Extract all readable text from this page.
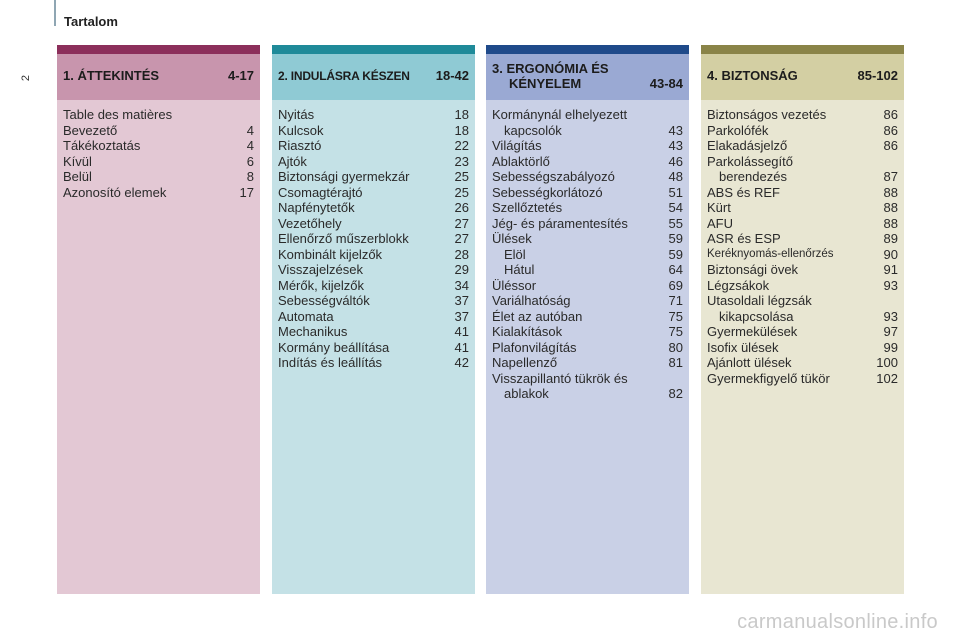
Tartalom
2 1. ÁTTEKINTÉS	4-17
Table des matières
Bevezető	4
Tákékoztatás	4
Kívül	6
Belül	8
Azonosító elemek	17
2. INDULÁSRA KÉSZEN 18-42
Nyitás	18
Kulcsok	18
Riasztó	22
Ajtók	23
Biztonsági gyermekzár	25
Csomagtérajtó	25
Napfénytetők	26
Vezetőhely	27
Ellenőrző műszerblokk	27
Kombinált kijelzők	28
Visszajelzések	29
Mérők, kijelzők	34
Sebességváltók	37
Automata	37
Mechanikus	41
Kormány beállítása	41
Indítás és leállítás	42
3. ERGONÓMIA ÉS
KÉNYELEM	43-84
Kormánynál elhelyezett
kapcsolók	43
Világítás	43
Ablaktörlő	46
Sebességszabályozó	48
Sebességkorlátozó	51
Szellőztetés	54
Jég- és páramentesítés	55
Ülések	59
Elöl	59
Hátul	64
Üléssor	69
Variálhatóság	71
Élet az autóban	75
Kialakítások	75
Plafonvilágítás	80
Napellenző	81
Visszapillantó tükrök és
ablakok	82
4. BIZTONSÁG	85-102
Biztonságos vezetés	86
Parkolófék	86
Elakadásjelző	86
Parkolássegítő
berendezés	87
ABS és REF	88
Kürt	88
AFU	88
ASR és ESP	89
Keréknyomás-ellenőrzés	90
Biztonsági övek	91
Légzsákok	93
Utasoldali légzsák
kikapcsolása	93
Gyermekülések	97
Isofix ülések	99
Ajánlott ülések	100
Gyermekfigyelő tükör	102
carmanualsonline.info
